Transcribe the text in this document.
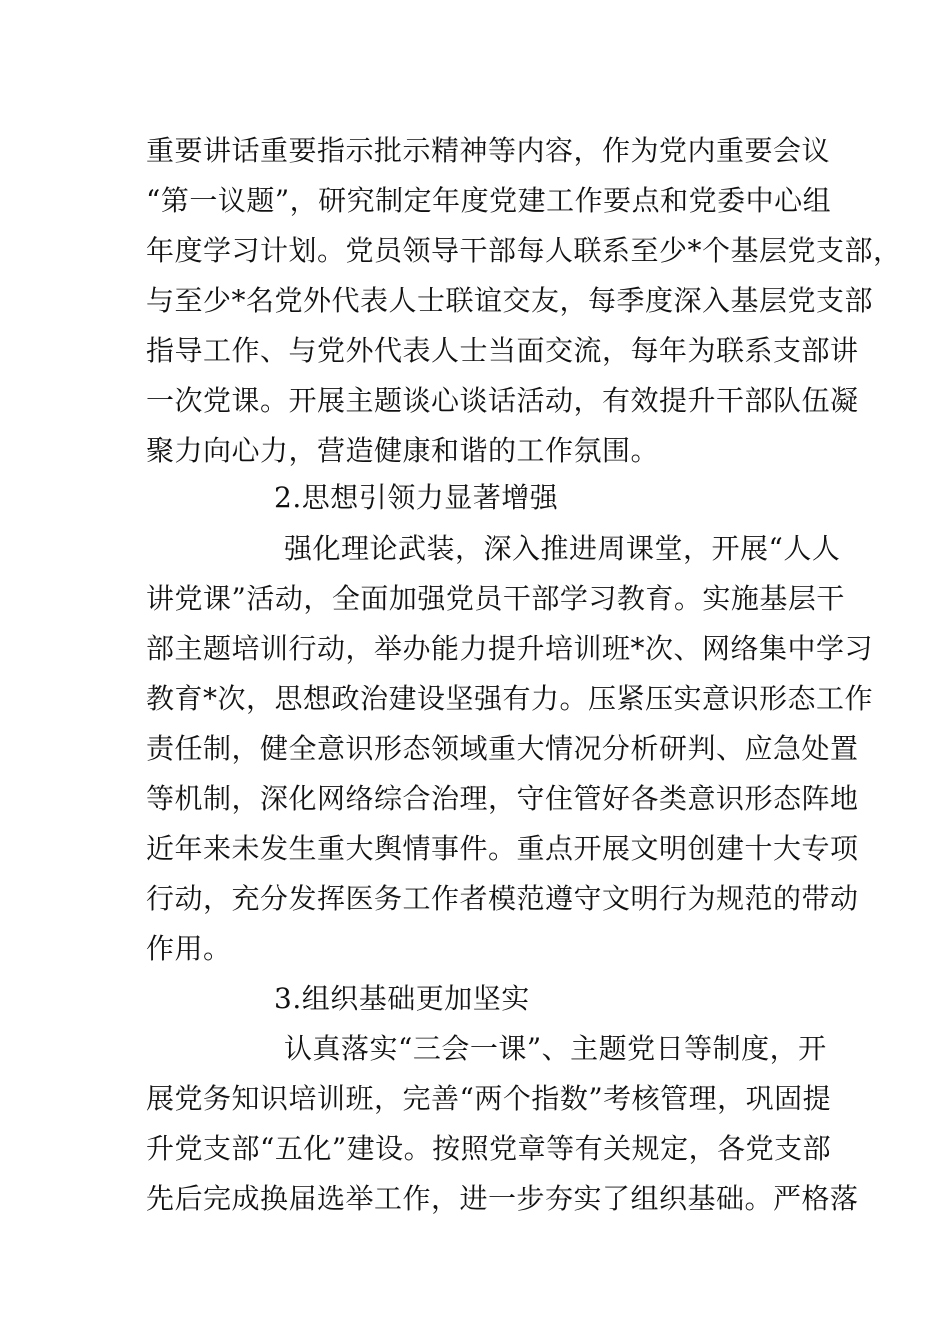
重要讲话重要指示批示精神等内容，作为党内重要会议
“第一议题”，研究制定年度党建工作要点和党委中心组
年度学习计划。党员领导干部每人联系至少*个基层党支部，
与至少*名党外代表人士联谊交友，每季度深入基层党支部
指导工作、与党外代表人士当面交流，每年为联系支部讲
一次党课。开展主题谈心谈话活动，有效提升干部队伍凝
聚力向心力，营造健康和谐的工作氛围。
2.思想引领力显著增强
强化理论武装，深入推进周课堂，开展“人人
讲党课”活动，全面加强党员干部学习教育。实施基层干
部主题培训行动，举办能力提升培训班*次、网络集中学习
教育*次，思想政治建设坚强有力。压紧压实意识形态工作
责任制，健全意识形态领域重大情况分析研判、应急处置
等机制，深化网络综合治理，守住管好各类意识形态阵地
近年来未发生重大舆情事件。重点开展文明创建十大专项
行动，充分发挥医务工作者模范遵守文明行为规范的带动
作用。
3.组织基础更加坚实
认真落实“三会一课”、主题党日等制度，开
展党务知识培训班，完善“两个指数”考核管理，巩固提
升党支部“五化”建设。按照党章等有关规定，各党支部
先后完成换届选举工作，进一步夯实了组织基础。严格落
